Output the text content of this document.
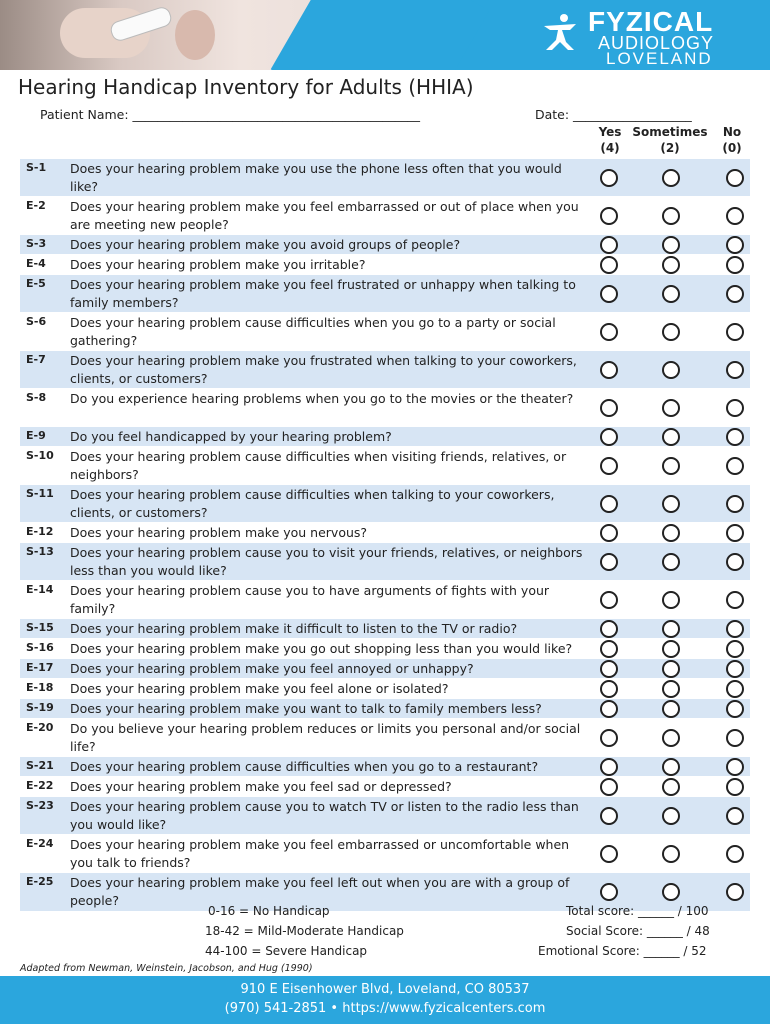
FYZICAL
AUDIOLOGY
LOVELAND
Hearing Handicap Inventory for Adults (HHIA)
Patient Name: ______________________________________________	Date: ___________________
Yes
(4)
Sometimes
(2)
No
(0)
S-1 Does your hearing problem make you use the phone less often that you would like?
E-2 Does your hearing problem make you feel embarrassed or out of place when you are meeting new people?
S-3 Does your hearing problem make you avoid groups of people?
E-4 Does your hearing problem make you irritable?
E-5 Does your hearing problem make you feel frustrated or unhappy when talking to family members?
S-6 Does your hearing problem cause difficulties when you go to a party or social gathering?
E-7 Does your hearing problem make you frustrated when talking to your coworkers, clients, or customers?
S-8 Do you experience hearing problems when you go to the movies or the theater?
E-9 Do you feel handicapped by your hearing problem?
S-10 Does your hearing problem cause difficulties when visiting friends, relatives, or neighbors?
S-11 Does your hearing problem cause difficulties when talking to your coworkers, clients, or customers?
E-12 Does your hearing problem make you nervous?
S-13 Does your hearing problem cause you to visit your friends, relatives, or neighbors less than you would like?
E-14 Does your hearing problem cause you to have arguments of fights with your family?
S-15 Does your hearing problem make it difficult to listen to the TV or radio?
S-16 Does your hearing problem make you go out shopping less than you would like?
E-17 Does your hearing problem make you feel annoyed or unhappy?
E-18 Does your hearing problem make you feel alone or isolated?
S-19 Does your hearing problem make you want to talk to family members less?
E-20 Do you believe your hearing problem reduces or limits you personal and/or social life?
S-21 Does your hearing problem cause difficulties when you go to a restaurant?
E-22 Does your hearing problem make you feel sad or depressed?
S-23 Does your hearing problem cause you to watch TV or listen to the radio less than you would like?
E-24 Does your hearing problem make you feel embarrassed or uncomfortable when you talk to friends?
E-25 Does your hearing problem make you feel left out when you are with a group of people?
0-16 = No Handicap
18-42 = Mild-Moderate Handicap
44-100 = Severe Handicap
Total score: ______ / 100
Social Score: ______ / 48
Emotional Score: ______ / 52
Adapted from Newman, Weinstein, Jacobson, and Hug (1990)
910 E Eisenhower Blvd, Loveland, CO 80537
(970) 541-2851 • https://www.fyzicalcenters.com
